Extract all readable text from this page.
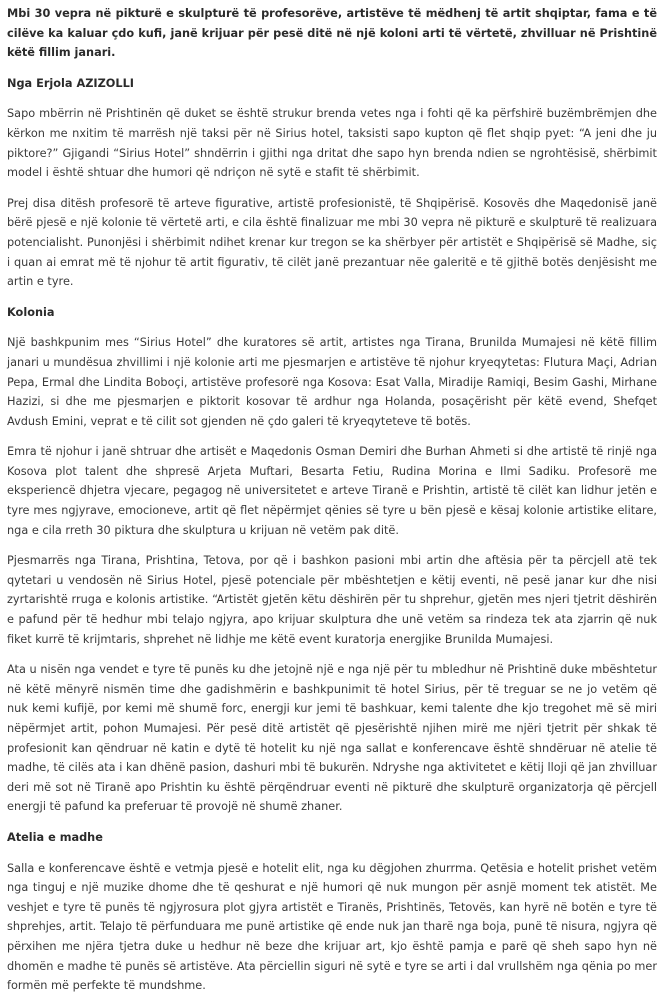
Mbi 30 vepra në pikturë e skulpturë të profesorëve, artistëve të mëdhenj të artit shqiptar, fama e të cilëve ka kaluar çdo kufi, janë krijuar për pesë ditë në një koloni arti të vërtetë, zhvilluar në Prishtinë këtë fillim janari.

Nga Erjola AZIZOLLI

Sapo mbërrin në Prishtinën që duket se është strukur brenda vetes nga i fohti që ka përfshirë buzëmbrëmjen dhe kërkon me nxitim të marrësh një taksi për në Sirius hotel, taksisti sapo kupton që flet shqip pyet: “A jeni dhe ju piktore?” Gjigandi “Sirius Hotel” shndërrin i gjithi nga dritat dhe sapo hyn brenda ndien se ngrohtësisë, shërbimit model i është shtuar dhe humori që ndriçon në sytë e stafit të shërbimit.

Prej disa ditësh profesorë të arteve figurative, artistë profesionistë, të Shqipërisë. Kosovës dhe Maqedonisë janë bërë pjesë e një kolonie të vërtetë arti, e cila është finalizuar me mbi 30 vepra në pikturë e skulpturë të realizuara potencialisht. Punonjësi i shërbimit ndihet krenar kur tregon se ka shërbyer për artistët e Shqipërisë së Madhe, siç i quan ai emrat më të njohur të artit figurativ, të cilët janë prezantuar nëe galeritë e të gjithë botës denjësisht me artin e tyre.

Kolonia

Një bashkpunim mes “Sirius Hotel” dhe kuratores së artit, artistes nga Tirana, Brunilda Mumajesi në këtë fillim janari u mundësua zhvillimi i një kolonie arti me pjesmarjen e artistëve të njohur kryeqytetas: Flutura Maçi, Adrian Pepa, Ermal dhe Lindita Boboçi, artistëve profesorë nga Kosova: Esat Valla, Miradije Ramiqi, Besim Gashi, Mirhane Hazizi, si dhe me pjesmarjen e piktorit kosovar të ardhur nga Holanda, posaçërisht për këtë evend, Shefqet Avdush Emini, veprat e të cilit sot gjenden në çdo galeri të kryeqyteteve të botës.

Emra të njohur i janë shtruar dhe artisët e Maqedonis Osman Demiri dhe Burhan Ahmeti si dhe artistë të rinjë nga Kosova plot talent dhe shpresë Arjeta Muftari, Besarta Fetiu, Rudina Morina e Ilmi Sadiku. Profesorë me eksperiencë dhjetra vjecare, pegagog në universitetet e arteve Tiranë e Prishtin, artistë të cilët kan lidhur jetën e tyre mes ngjyrave, emocioneve, artit që flet nëpërmjet qënies së tyre u bën pjesë e kësaj kolonie artistike elitare, nga e cila rreth 30 piktura dhe skulptura u krijuan në vetëm pak ditë.

Pjesmarrës nga Tirana, Prishtina, Tetova, por që i bashkon pasioni mbi artin dhe aftësia për ta përcjell atë tek qytetari u vendosën në Sirius Hotel, pjesë potenciale për mbështetjen e këtij eventi, në pesë janar kur dhe nisi zyrtarishtë rruga e kolonis artistike. “Artistët gjetën këtu dëshirën për tu shprehur, gjetën mes njeri tjetrit dëshirën e pafund për të hedhur mbi telajo ngjyra, apo krijuar skulptura dhe unë vetëm sa rindeza tek ata zjarrin që nuk fiket kurrë të krijmtaris, shprehet në lidhje me këtë event kuratorja energjike Brunilda Mumajesi.

Ata u nisën nga vendet e tyre të punës ku dhe jetojnë një e nga një për tu mbledhur në Prishtinë duke mbështetur në këtë mënyrë nismën time dhe gadishmërin e bashkpunimit të hotel Sirius, për të treguar se ne jo vetëm që nuk kemi kufijë, por kemi më shumë forc, energji kur jemi të bashkuar, kemi talente dhe kjo tregohet më së miri nëpërmjet artit, pohon Mumajesi. Për pesë ditë artistët që pjesërishtë njihen mirë me njëri tjetrit për shkak të profesionit kan qëndruar në katin e dytë të hotelit ku një nga sallat e konferencave është shndëruar në atelie të madhe, të cilës ata i kan dhënë pasion, dashuri mbi të bukurën. Ndryshe nga aktivitetet e këtij lloji që jan zhvilluar deri më sot në Tiranë apo Prishtin ku është përqëndruar eventi në pikturë dhe skulpturë organizatorja që përcjell energji të pafund ka preferuar të provojë në shumë zhaner.

Atelia e madhe

Salla e konferencave është e vetmja pjesë e hotelit elit, nga ku dëgjohen zhurrma. Qetësia e hotelit prishet vetëm nga tinguj e një muzike dhome dhe të qeshurat e një humori që nuk mungon për asnjë moment tek atistët. Me veshjet e tyre të punës të ngjyrosura plot gjyra artistët e Tiranës, Prishtinës, Tetovës, kan hyrë në botën e tyre të shprehjes, artit. Telajo të përfunduara me punë artistike që ende nuk jan tharë nga boja, punë të nisura, ngjyra që përxihen me njëra tjetra duke u hedhur në beze dhe krijuar art, kjo është pamja e parë që sheh sapo hyn në dhomën e madhe të punës së artistëve. Ata përciellin siguri në sytë e tyre se arti i dal vrullshëm nga qënia po mer formën më perfekte të mundshme.
